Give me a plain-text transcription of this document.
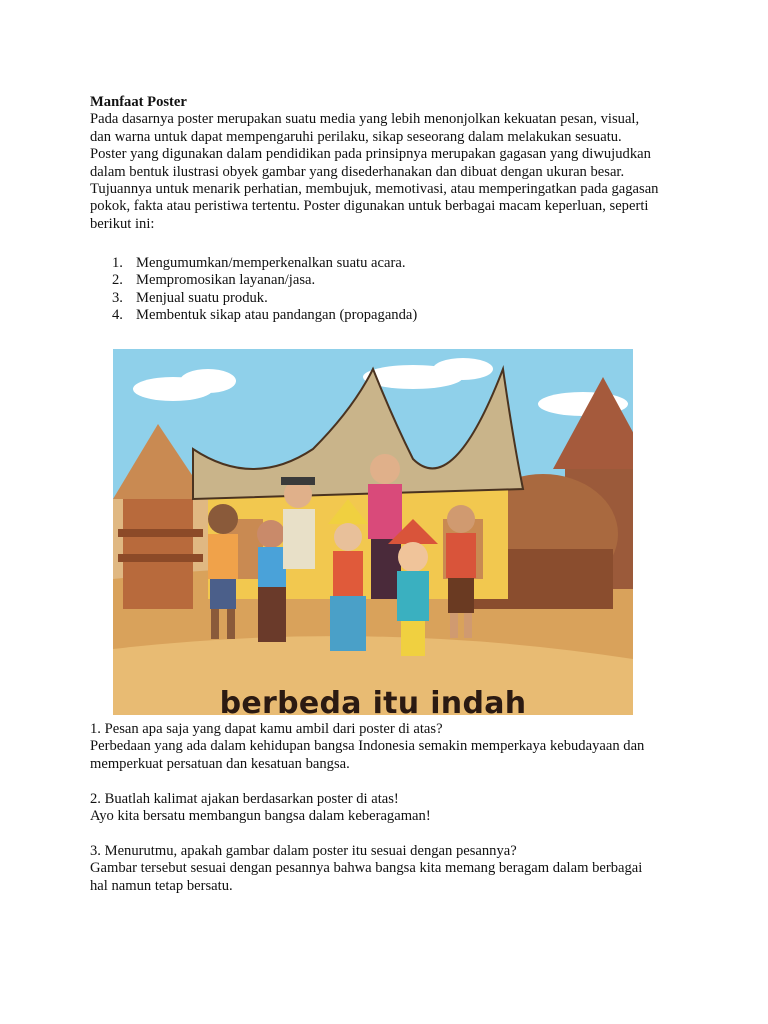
Manfaat Poster

Pada dasarnya poster merupakan suatu media yang lebih menonjolkan kekuatan pesan, visual,

dan warna untuk dapat mempengaruhi perilaku, sikap seseorang dalam melakukan sesuatu.

Poster yang digunakan dalam pendidikan pada prinsipnya merupakan gagasan yang diwujudkan

dalam bentuk ilustrasi obyek gambar yang disederhanakan dan dibuat dengan ukuran besar.

Tujuannya untuk menarik perhatian, membujuk, memotivasi, atau memperingatkan pada gagasan

pokok, fakta atau peristiwa tertentu. Poster digunakan untuk berbagai macam keperluan, seperti

berikut ini:

1. Mengumumkan/memperkenalkan suatu acara.
2. Mempromosikan layanan/jasa.
3. Menjual suatu produk.
4. Membentuk sikap atau pandangan (propaganda)
berbeda itu indah

1. Pesan apa saja yang dapat kamu ambil dari poster di atas?

Perbedaan yang ada dalam kehidupan bangsa Indonesia semakin memperkaya kebudayaan dan

memperkuat persatuan dan kesatuan bangsa.

2. Buatlah kalimat ajakan berdasarkan poster di atas!

Ayo kita bersatu membangun bangsa dalam keberagaman!

3. Menurutmu, apakah gambar dalam poster itu sesuai dengan pesannya?

Gambar tersebut sesuai dengan pesannya bahwa bangsa kita memang beragam dalam berbagai

hal namun tetap bersatu.
